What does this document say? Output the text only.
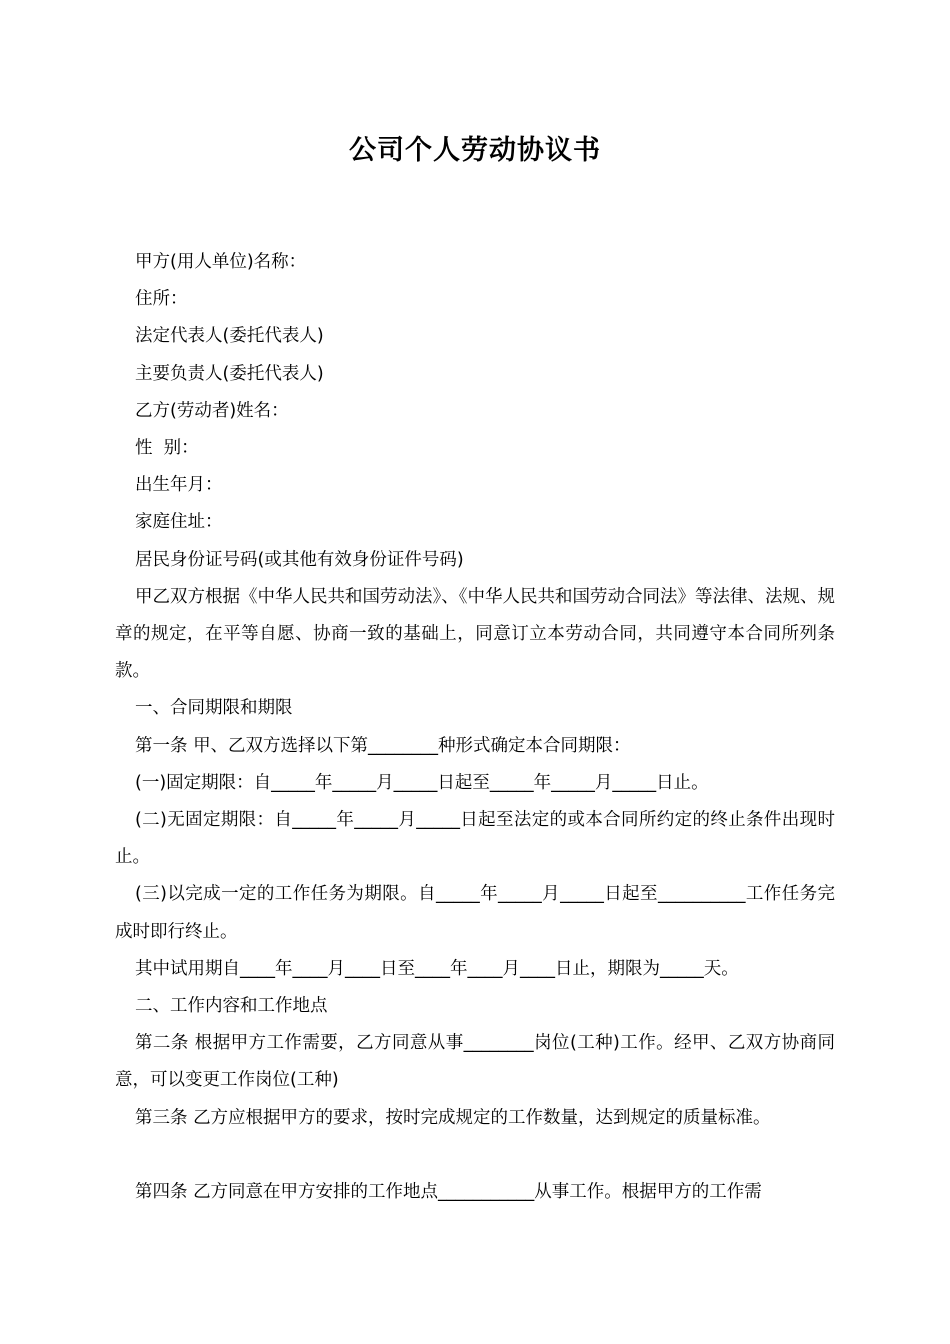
公司个人劳动协议书

甲方(用人单位)名称：

住所：

法定代表人(委托代表人)

主要负责人(委托代表人)

乙方(劳动者)姓名：

性  别：

出生年月：

家庭住址：

居民身份证号码(或其他有效身份证件号码)

甲乙双方根据《中华人民共和国劳动法》、《中华人民共和国劳动合同法》等法律、法规、规章的规定，在平等自愿、协商一致的基础上，同意订立本劳动合同，共同遵守本合同所列条款。

一、合同期限和期限

第一条 甲、乙双方选择以下第________种形式确定本合同期限：

(一)固定期限：自_____年_____月_____日起至_____年_____月_____日止。

(二)无固定期限：自_____年_____月_____日起至法定的或本合同所约定的终止条件出现时止。

(三)以完成一定的工作任务为期限。自_____年_____月_____日起至__________工作任务完成时即行终止。

其中试用期自____年____月____日至____年____月____日止，期限为_____天。

二、工作内容和工作地点

第二条 根据甲方工作需要，乙方同意从事________岗位(工种)工作。经甲、乙双方协商同意，可以变更工作岗位(工种)

第三条 乙方应根据甲方的要求，按时完成规定的工作数量，达到规定的质量标准。

第四条 乙方同意在甲方安排的工作地点___________从事工作。根据甲方的工作需
